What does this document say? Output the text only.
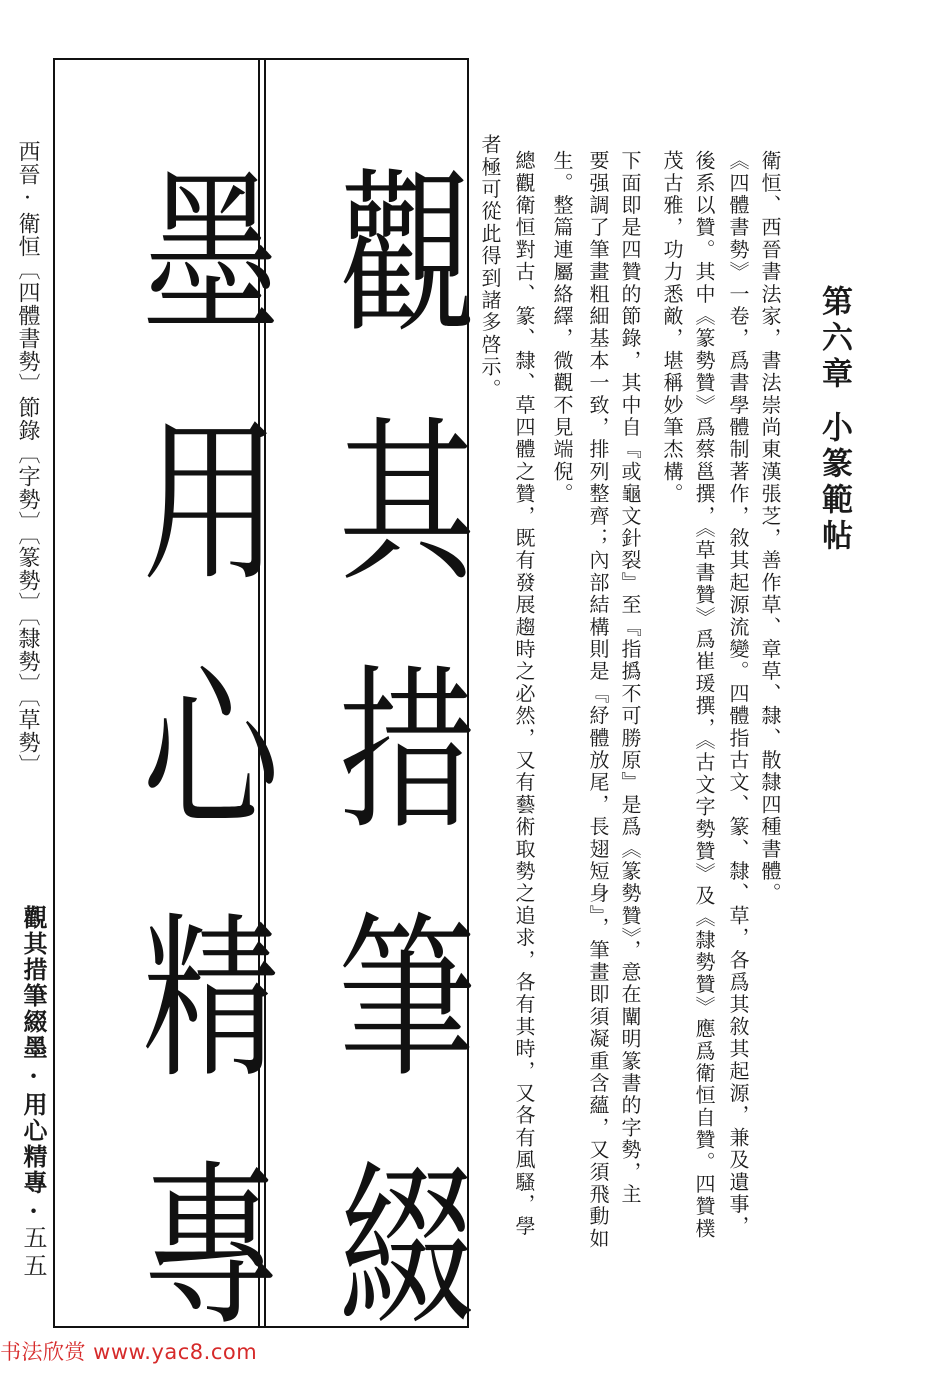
西晉·衛恒〔四體書勢〕節錄〔字勢〕〔篆勢〕〔隸勢〕〔草勢〕
觀其措筆綴墨·用心精專·
五五
觀
其
措
筆
綴
墨
用
心
精
專
第六章小篆範帖
衛恒、西晉書法家，書法崇尚東漢張芝，善作草、章草、隸、散隸四種書體。
《四體書勢》一卷，爲書學體制著作，敘其起源流變。四體指古文、篆、隸、草，各爲其敘其起源，兼及遺事，
後系以贊。其中《篆勢贊》爲蔡邕撰，《草書贊》爲崔瑗撰，《古文字勢贊》及《隸勢贊》應爲衛恒自贊。四贊樸
茂古雅，功力悉敵，堪稱妙筆杰構。
下面即是四贊的節錄，其中自『或龜文針裂』至『指撝不可勝原』是爲《篆勢贊》，意在闡明篆書的字勢，主
要强調了筆畫粗細基本一致，排列整齊；內部結構則是『紓體放尾，長翅短身』，筆畫即須凝重含蘊，又須飛動如
生。整篇連屬絡繹，微觀不見端倪。
總觀衛恒對古、篆、隸、草四體之贊，既有發展趨時之必然，又有藝術取勢之追求，各有其時，又各有風騷，學
者極可從此得到諸多啓示。
书法欣赏 www.yac8.com
